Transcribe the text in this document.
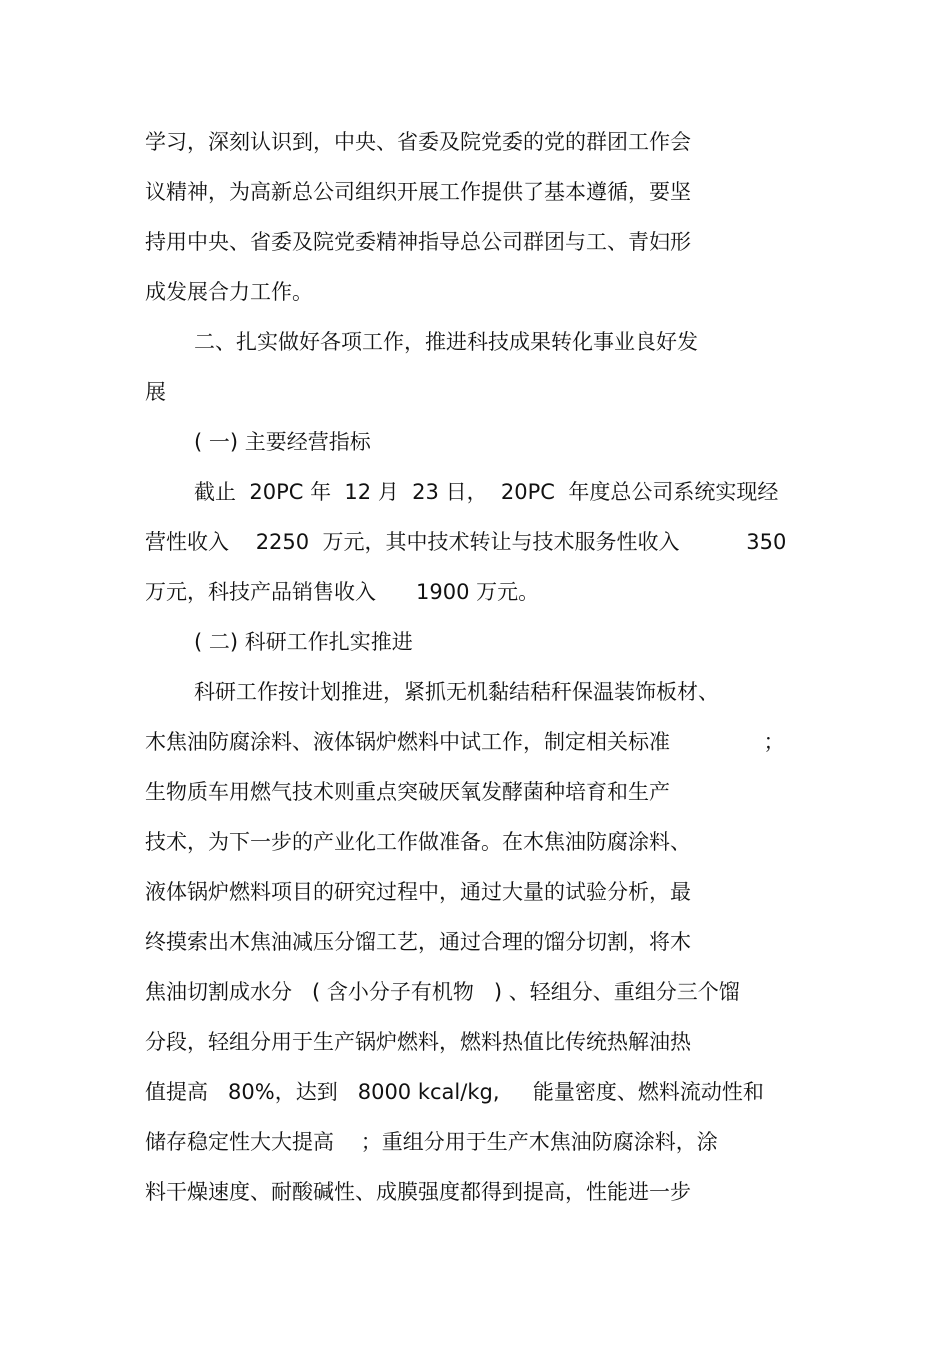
学习，深刻认识到，中央、省委及院党委的党的群团工作会

议精神，为高新总公司组织开展工作提供了基本遵循，要坚

持用中央、省委及院党委精神指导总公司群团与工、青妇形

成发展合力工作。

二、扎实做好各项工作，推进科技成果转化事业良好发

展

( 一) 主要经营指标

截止  20PC 年  12 月  23 日，  20PC  年度总公司系统实现经

营性收入    2250  万元，其中技术转让与技术服务性收入          350

万元，科技产品销售收入      1900 万元。

( 二) 科研工作扎实推进

科研工作按计划推进，紧抓无机黏结秸秆保温装饰板材、

木焦油防腐涂料、液体锅炉燃料中试工作，制定相关标准              ；

生物质车用燃气技术则重点突破厌氧发酵菌种培育和生产

技术，为下一步的产业化工作做准备。在木焦油防腐涂料、

液体锅炉燃料项目的研究过程中，通过大量的试验分析，最

终摸索出木焦油减压分馏工艺，通过合理的馏分切割，将木

焦油切割成水分   ( 含小分子有机物   ) 、轻组分、重组分三个馏

分段，轻组分用于生产锅炉燃料，燃料热值比传统热解油热

值提高   80%，达到   8000 kcal/kg,     能量密度、燃料流动性和

储存稳定性大大提高    ；重组分用于生产木焦油防腐涂料，涂

料干燥速度、耐酸碱性、成膜强度都得到提高，性能进一步
